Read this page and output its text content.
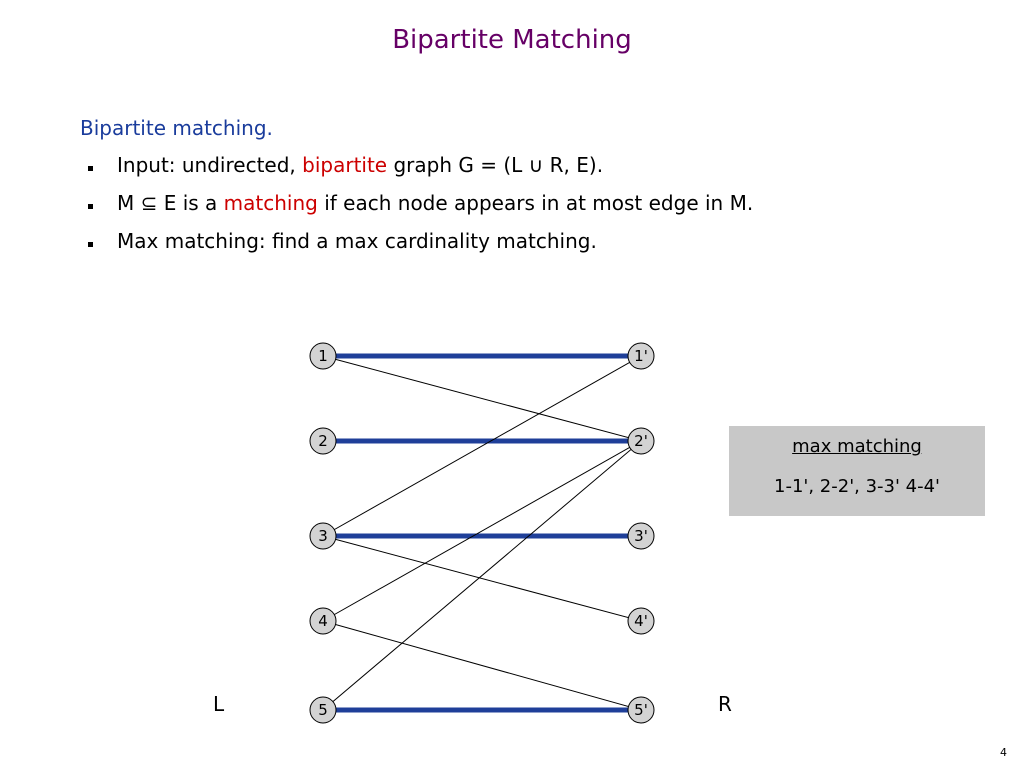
Bipartite Matching
Bipartite matching.
Input: undirected, bipartite graph G = (L ∪ R, E).
M ⊆ E is a matching if each node appears in at most edge in M.
Max matching: find a max cardinality matching.
1
2
3
4
5
1'
2'
3'
4'
5'
L	R
max matching
1-1', 2-2', 3-3' 4-4'
4
